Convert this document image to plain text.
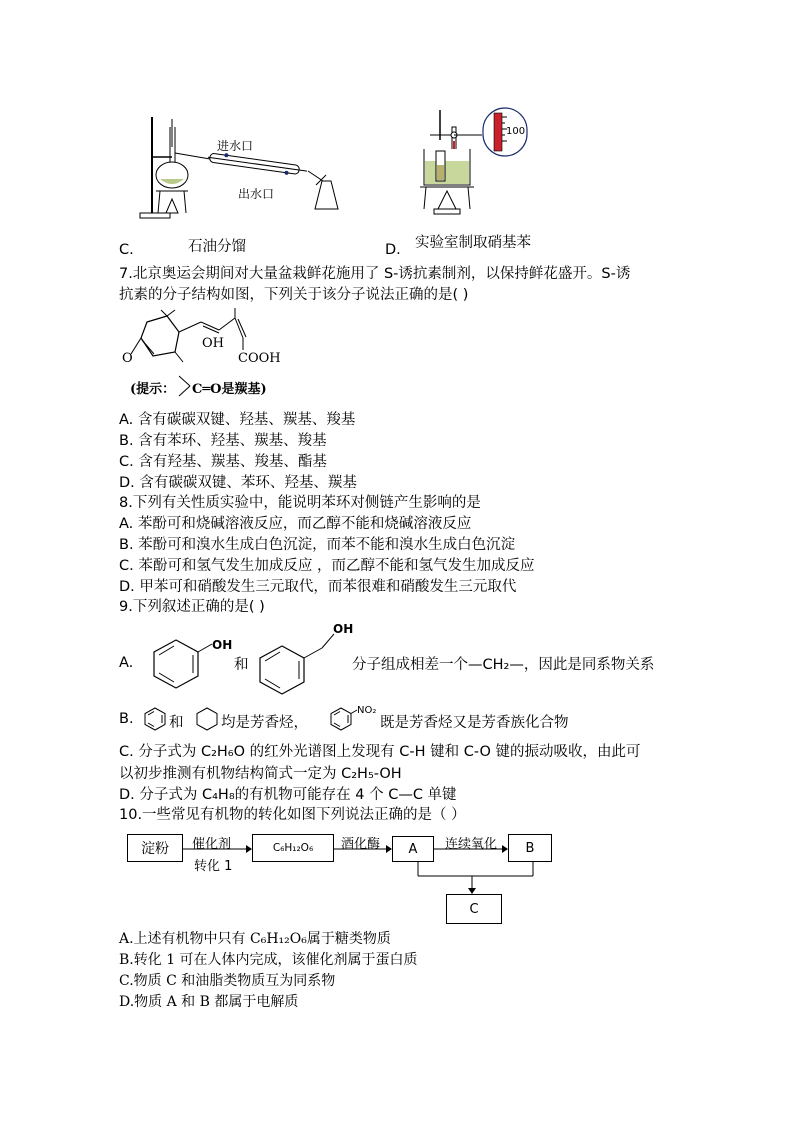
进水口
出水口
100
C.	石油分馏	D. 实验室制取硝基苯
7.北京奥运会期间对大量盆栽鲜花施用了 S-诱抗素制剂，以保持鲜花盛开。S-诱
抗素的分子结构如图，下列关于该分子说法正确的是( )
O
OH
COOH
(提示： C═O是羰基)
A. 含有碳碳双键、羟基、羰基、羧基
B. 含有苯环、羟基、羰基、羧基
C. 含有羟基、羰基、羧基、酯基
D. 含有碳碳双键、苯环、羟基、羰基
8.下列有关性质实验中，能说明苯环对侧链产生影响的是
A. 苯酚可和烧碱溶液反应，而乙醇不能和烧碱溶液反应
B. 苯酚可和溴水生成白色沉淀，而苯不能和溴水生成白色沉淀
C. 苯酚可和氢气发生加成反应 ，而乙醇不能和氢气发生加成反应
D. 甲苯可和硝酸发生三元取代，而苯很难和硝酸发生三元取代
9.下列叙述正确的是( )
A.
OH
和
OH
分子组成相差一个—CH₂—，因此是同系物关系
B. 和	均是芳香烃，
NO₂
既是芳香烃又是芳香族化合物
C. 分子式为 C₂H₆O 的红外光谱图上发现有 C-H 键和 C-O 键的振动吸收，由此可
以初步推测有机物结构简式一定为 C₂H₅-OH
D. 分子式为 C₄H₈的有机物可能存在 4 个 C—C 单键
10.一些常见有机物的转化如图下列说法正确的是（ ）
淀粉	C₆H₁₂O₆	A	B
C
催化剂
转化 1
酒化酶	连续氧化
A.上述有机物中只有 C₆H₁₂O₆属于糖类物质
B.转化 1 可在人体内完成，该催化剂属于蛋白质
C.物质 C 和油脂类物质互为同系物
D.物质 A 和 B 都属于电解质
